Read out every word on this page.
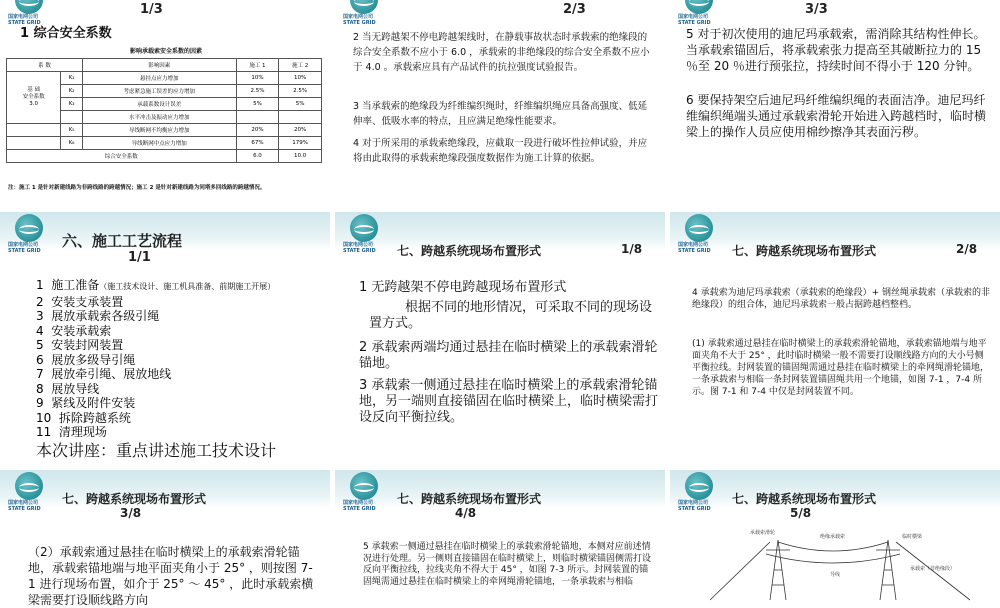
国家电网公司
STATE GRID
1/3
1 综合安全系数
影响承载索安全系数的因素
系 数		影响因素	施工 1	施工 2
基 础
安全系数
3.0	K₁	悬挂点应力增加	10%	10%
	K₂	考虑紧急施工误差的应力增加	2.5%	2.5%
	K₃	承载系数设计误差	5%	5%
		水平冲击及振动应力增加		
	K₅	导线断网不均衡应力增加	20%	20%
	K₆	导线断网中点应力增加	67%	179%
综合安全系数			6.0	10.0
注：施工 1 是针对新建线路为非跨线路的跨越情况；施工 2 是针对新建线路为同塔多回线路的跨越情况。
国家电网公司
STATE GRID
2/3
2 当无跨越架不停电跨越架线时，在静载事故状态时承载索的绝缘段的综合安全系数不应小于 6.0 ，承载索的非绝缘段的综合安全系数不应小于 4.0 。承载索应具有产品试件的抗拉强度试验报告。
3 当承载索的绝缘段为纤维编织绳时，纤维编织绳应具备高强度、低延伸率、低吸水率的特点，且应满足绝缘性能要求。
4 对于所采用的承载索绝缘段，应截取一段进行破坏性拉伸试验，并应将由此取得的承载索绝缘段强度数据作为施工计算的依据。
国家电网公司
STATE GRID
3/3
5 对于初次使用的迪尼玛承载索，需消除其结构性伸长。当承载索锚固后，将承载索张力提高至其破断拉力的 15 ％至 20 ％进行预张拉，持续时间不得小于 120 分钟。
6 要保持架空后迪尼玛纤维编织绳的表面洁净。迪尼玛纤维编织绳端头通过承载索滑轮开始进入跨越档时，临时横梁上的操作人员应使用棉纱擦净其表面污秽。
国家电网公司
STATE GRID
六、施工工艺流程
1/1
1 施工准备（施工技术设计、施工机具准备、前期施工开展）
2 安装支承装置
3 展放承载索各级引绳
4 安装承载索
5 安装封网装置
6 展放多级导引绳
7 展放牵引绳、展放地线
8 展放导线
9 紧线及附件安装
10 拆除跨越系统
11 清理现场
本次讲座：重点讲述施工技术设计
国家电网公司
STATE GRID	七、跨越系统现场布置形式	1/8
1 无跨越架不停电跨越现场布置形式
根据不同的地形情况，可采取不同的现场设置方式。
2 承载索两端均通过悬挂在临时横梁上的承载索滑轮锚地。
3 承载索一侧通过悬挂在临时横梁上的承载索滑轮锚地，另一端则直接锚固在临时横梁上，临时横梁需打设反向平衡拉线。
国家电网公司
STATE GRID	七、跨越系统现场布置形式	2/8
4 承载索为迪尼玛承载索（承载索的绝缘段）+ 钢丝绳承载索（承载索的非绝缘段）的组合体，迪尼玛承载索一般占据跨越档整档。
(1) 承载索通过悬挂在临时横梁上的承载索滑轮锚地，承载索锚地端与地平面夹角不大于 25° ，此时临时横梁一般不需要打设顺线路方向的大小号侧平衡拉线。封网装置的锚固绳需通过悬挂在临时横梁上的牵网绳滑轮锚地，一条承载索与相临一条封网装置锚固绳共用一个地锚，如图 7-1 ，7-4 所示。图 7-1 和 7-4 中仅是封网装置不同。
国家电网公司
STATE GRID
七、跨越系统现场布置形式
3/8
（2）承载索通过悬挂在临时横梁上的承载索滑轮锚地，承载索锚地端与地平面夹角小于 25° ，则按图 7-1 进行现场布置，如介于 25° ～ 45° ，此时承载索横梁需要打设顺线路方向
国家电网公司
STATE GRID
七、跨越系统现场布置形式
4/8
5 承载索一侧通过悬挂在临时横梁上的承载索滑轮锚地，本侧对应前述情况进行处理。另一侧则直接锚固在临时横梁上，则临时横梁锚固侧需打设反向平衡拉线，拉线夹角不得大于 45° ，如图 7-3 所示。封网装置的锚固绳需通过悬挂在临时横梁上的牵网绳滑轮锚地，一条承载索与相临
国家电网公司
STATE GRID
七、跨越系统现场布置形式
5/8
绝缘承载索
承载索滑轮
导线
承载索（非绝缘段）
临时横梁
